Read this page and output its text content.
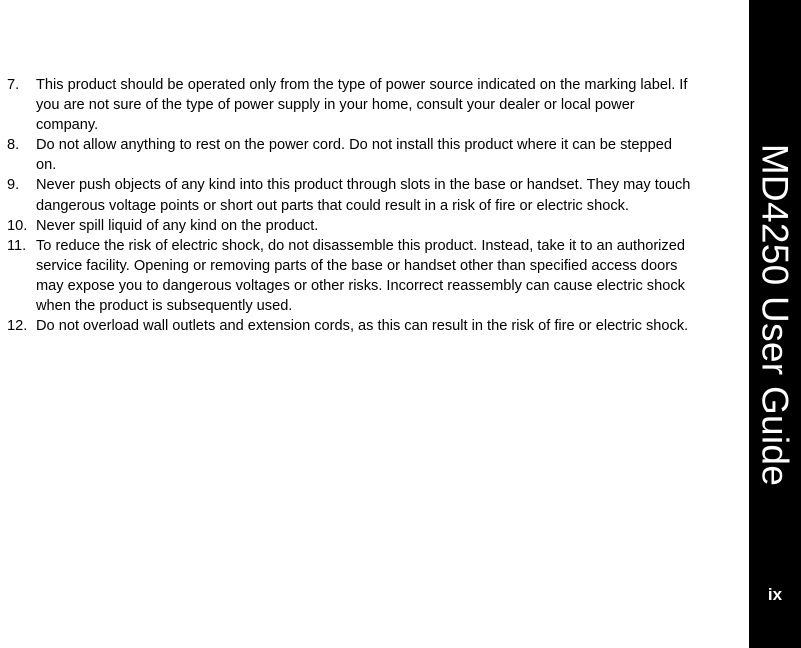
7.	This product should be operated only from the type of power source indicated on the marking label. If you are not sure of the type of power supply in your home, consult your dealer or local power company.
8.	Do not allow anything to rest on the power cord. Do not install this product where it can be stepped on.
9.	Never push objects of any kind into this product through slots in the base or handset. They may touch dangerous voltage points or short out parts that could result in a risk of fire or electric shock.
10. Never spill liquid of any kind on the product.
11. To reduce the risk of electric shock, do not disassemble this product. Instead, take it to an authorized service facility. Opening or removing parts of the base or handset other than specified access doors may expose you to dangerous voltages or other risks. Incorrect reassembly can cause electric shock when the product is subsequently used.
12. Do not overload wall outlets and extension cords, as this can result in the risk of fire or electric shock. MD4250 User Guide
ix
